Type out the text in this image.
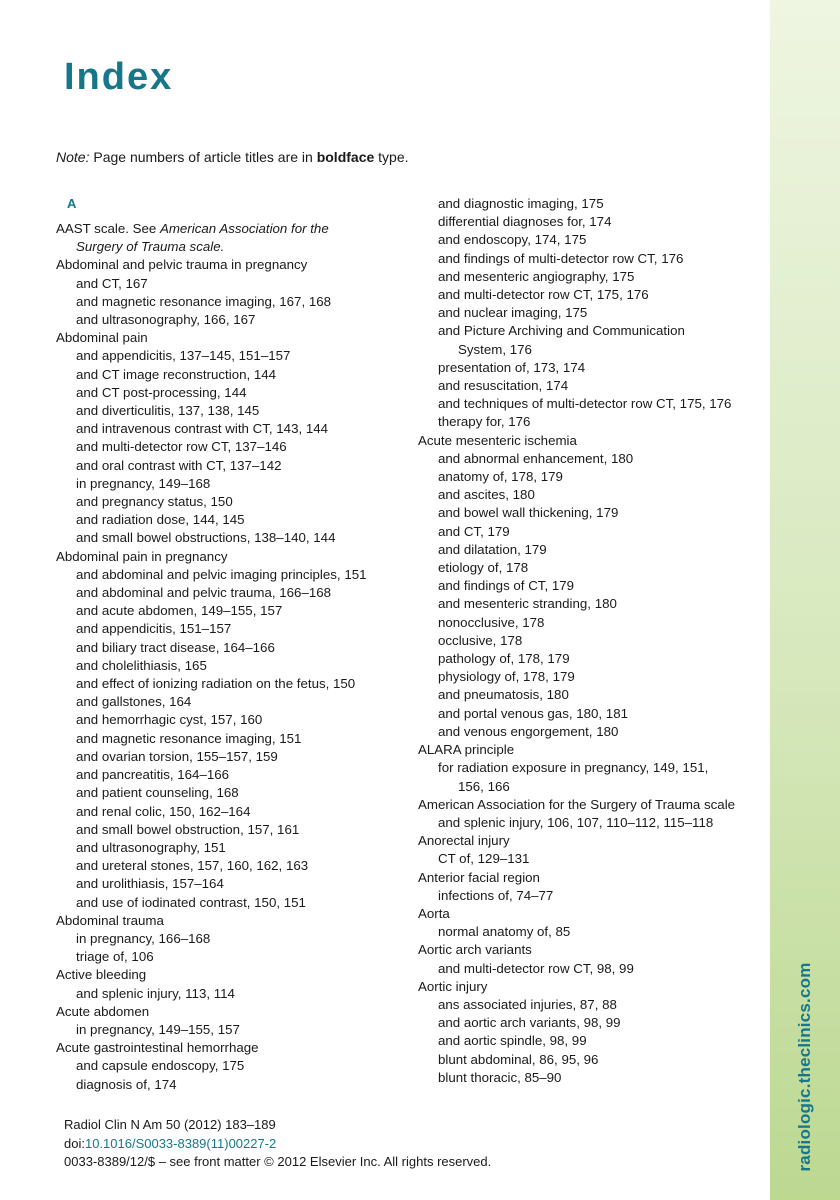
radiologic.theclinics.com
Index
Note: Page numbers of article titles are in boldface type.
A
AAST scale. See American Association for the
Surgery of Trauma scale.
Abdominal and pelvic trauma in pregnancy
and CT, 167
and magnetic resonance imaging, 167, 168
and ultrasonography, 166, 167
Abdominal pain
and appendicitis, 137–145, 151–157
and CT image reconstruction, 144
and CT post-processing, 144
and diverticulitis, 137, 138, 145
and intravenous contrast with CT, 143, 144
and multi-detector row CT, 137–146
and oral contrast with CT, 137–142
in pregnancy, 149–168
and pregnancy status, 150
and radiation dose, 144, 145
and small bowel obstructions, 138–140, 144
Abdominal pain in pregnancy
and abdominal and pelvic imaging principles, 151
and abdominal and pelvic trauma, 166–168
and acute abdomen, 149–155, 157
and appendicitis, 151–157
and biliary tract disease, 164–166
and cholelithiasis, 165
and effect of ionizing radiation on the fetus, 150
and gallstones, 164
and hemorrhagic cyst, 157, 160
and magnetic resonance imaging, 151
and ovarian torsion, 155–157, 159
and pancreatitis, 164–166
and patient counseling, 168
and renal colic, 150, 162–164
and small bowel obstruction, 157, 161
and ultrasonography, 151
and ureteral stones, 157, 160, 162, 163
and urolithiasis, 157–164
and use of iodinated contrast, 150, 151
Abdominal trauma
in pregnancy, 166–168
triage of, 106
Active bleeding
and splenic injury, 113, 114
Acute abdomen
in pregnancy, 149–155, 157
Acute gastrointestinal hemorrhage
and capsule endoscopy, 175
diagnosis of, 174
and diagnostic imaging, 175
differential diagnoses for, 174
and endoscopy, 174, 175
and findings of multi-detector row CT, 176
and mesenteric angiography, 175
and multi-detector row CT, 175, 176
and nuclear imaging, 175
and Picture Archiving and Communication
System, 176
presentation of, 173, 174
and resuscitation, 174
and techniques of multi-detector row CT, 175, 176
therapy for, 176
Acute mesenteric ischemia
and abnormal enhancement, 180
anatomy of, 178, 179
and ascites, 180
and bowel wall thickening, 179
and CT, 179
and dilatation, 179
etiology of, 178
and findings of CT, 179
and mesenteric stranding, 180
nonocclusive, 178
occlusive, 178
pathology of, 178, 179
physiology of, 178, 179
and pneumatosis, 180
and portal venous gas, 180, 181
and venous engorgement, 180
ALARA principle
for radiation exposure in pregnancy, 149, 151,
156, 166
American Association for the Surgery of Trauma scale
and splenic injury, 106, 107, 110–112, 115–118
Anorectal injury
CT of, 129–131
Anterior facial region
infections of, 74–77
Aorta
normal anatomy of, 85
Aortic arch variants
and multi-detector row CT, 98, 99
Aortic injury
ans associated injuries, 87, 88
and aortic arch variants, 98, 99
and aortic spindle, 98, 99
blunt abdominal, 86, 95, 96
blunt thoracic, 85–90
Radiol Clin N Am 50 (2012) 183–189
doi:10.1016/S0033-8389(11)00227-2
0033-8389/12/$ – see front matter © 2012 Elsevier Inc. All rights reserved.
